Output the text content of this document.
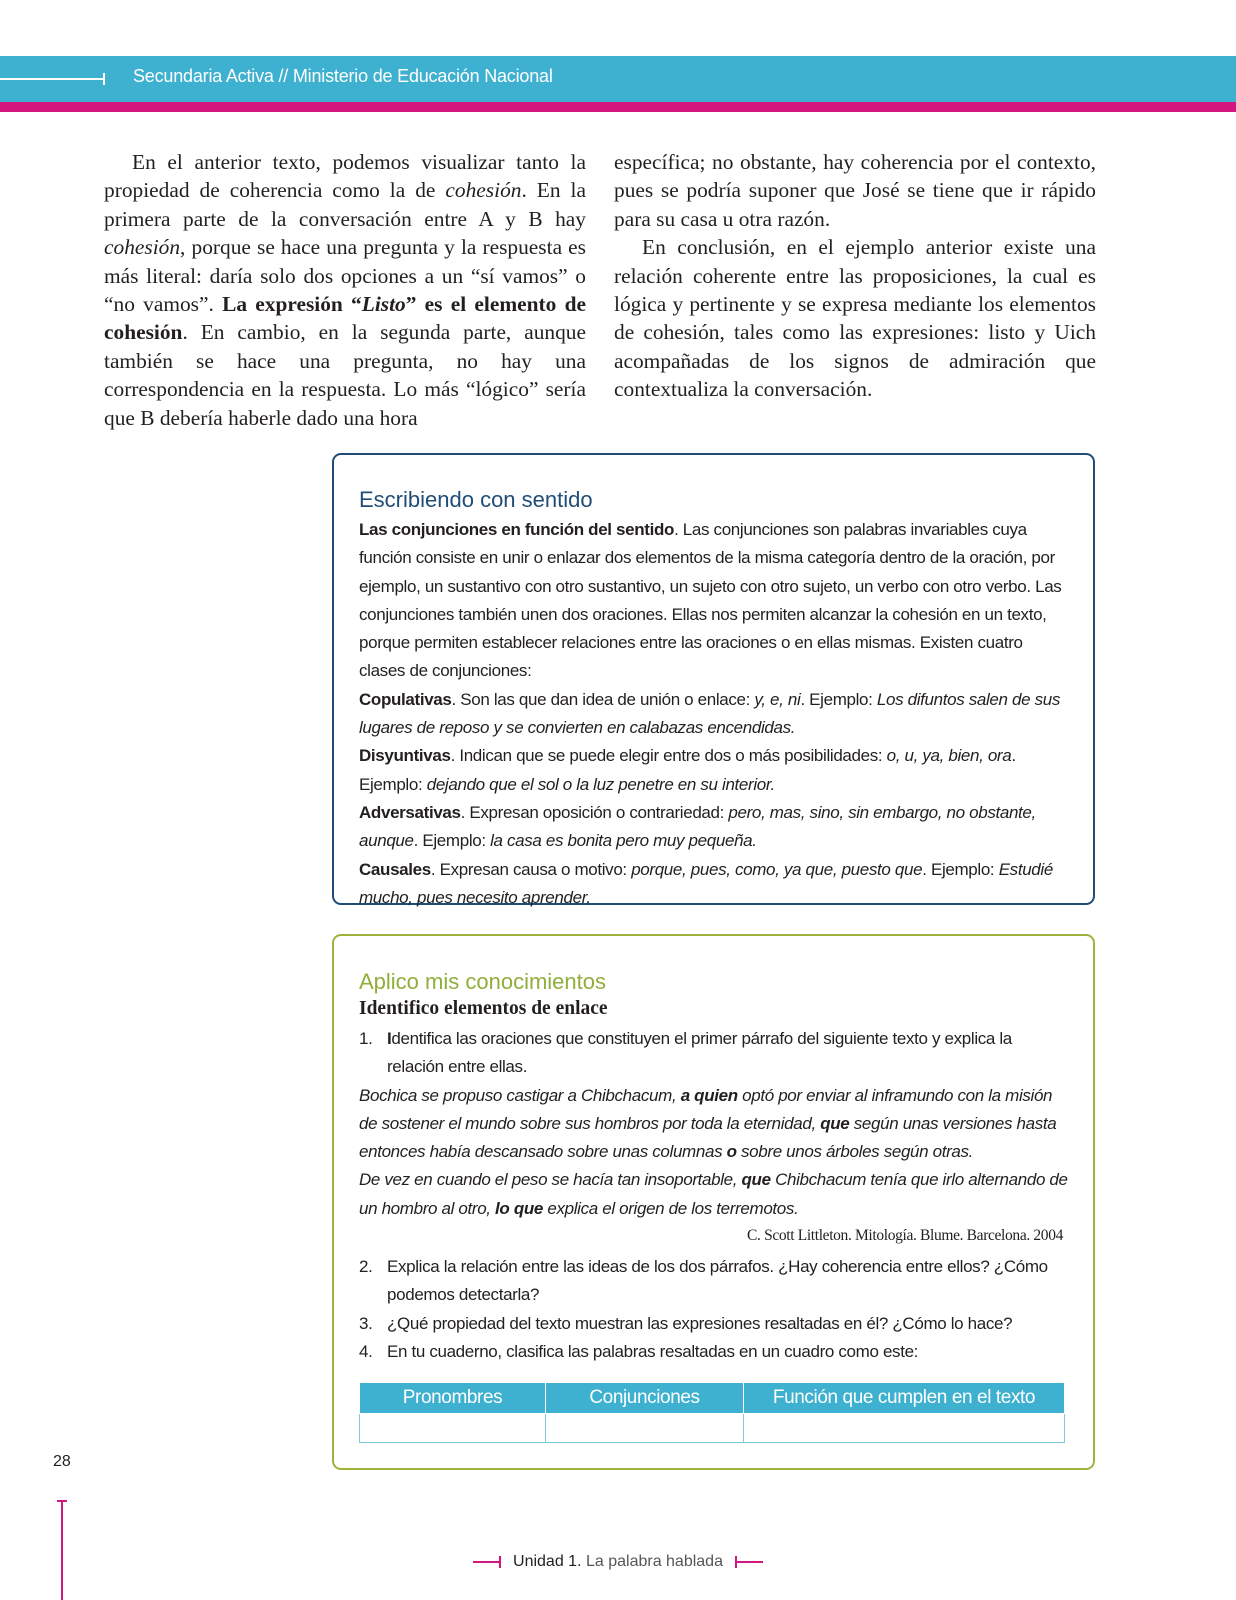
Secundaria Activa // Ministerio de Educación Nacional

En el anterior texto, podemos visualizar tanto la propiedad de coherencia como la de cohesión. En la primera parte de la conversación entre A y B hay cohesión, porque se hace una pregunta y la respuesta es más literal: daría solo dos opciones a un “sí vamos” o “no vamos”. La expresión “Listo” es el elemento de cohesión. En cambio, en la segunda parte, aunque también se hace una pregunta, no hay una correspondencia en la respuesta. Lo más “lógico” sería que B debería haberle dado una hora

específica; no obstante, hay coherencia por el contexto, pues se podría suponer que José se tiene que ir rápido para su casa u otra razón.

En conclusión, en el ejemplo anterior existe una relación coherente entre las proposiciones, la cual es lógica y pertinente y se expresa mediante los elementos de cohesión, tales como las expresiones: listo y Uich acompañadas de los signos de admiración que contextualiza la conversación.

Escribiendo con sentido
Las conjunciones en función del sentido. Las conjunciones son palabras invariables cuya función consiste en unir o enlazar dos elementos de la misma categoría dentro de la oración, por ejemplo, un sustantivo con otro sustantivo, un sujeto con otro sujeto, un verbo con otro verbo. Las conjunciones también unen dos oraciones. Ellas nos permiten alcanzar la cohesión en un texto, porque permiten establecer relaciones entre las oraciones o en ellas mismas. Existen cuatro clases de conjunciones:
Copulativas. Son las que dan idea de unión o enlace: y, e, ni. Ejemplo: Los difuntos salen de sus lugares de reposo y se convierten en calabazas encendidas.
Disyuntivas. Indican que se puede elegir entre dos o más posibilidades: o, u, ya, bien, ora. Ejemplo: dejando que el sol o la luz penetre en su interior.
Adversativas. Expresan oposición o contrariedad: pero, mas, sino, sin embargo, no obstante, aunque. Ejemplo: la casa es bonita pero muy pequeña.
Causales. Expresan causa o motivo: porque, pues, como, ya que, puesto que. Ejemplo: Estudié mucho, pues necesito aprender.
Aplico mis conocimientos
Identifico elementos de enlace
1. Identifica las oraciones que constituyen el primer párrafo del siguiente texto y explica la relación entre ellas.
Bochica se propuso castigar a Chibchacum, a quien optó por enviar al inframundo con la misión de sostener el mundo sobre sus hombros por toda la eternidad, que según unas versiones hasta entonces había descansado sobre unas columnas o sobre unos árboles según otras.
De vez en cuando el peso se hacía tan insoportable, que Chibchacum tenía que irlo alternando de un hombro al otro, lo que explica el origen de los terremotos.
C. Scott Littleton. Mitología. Blume. Barcelona. 2004
2. Explica la relación entre las ideas de los dos párrafos. ¿Hay coherencia entre ellos? ¿Cómo podemos detectarla?
3. ¿Qué propiedad del texto muestran las expresiones resaltadas en él? ¿Cómo lo hace?
4. En tu cuaderno, clasifica las palabras resaltadas en un cuadro como este:
Pronombres	Conjunciones	Función que cumplen en el texto

28
Unidad 1. La palabra hablada
